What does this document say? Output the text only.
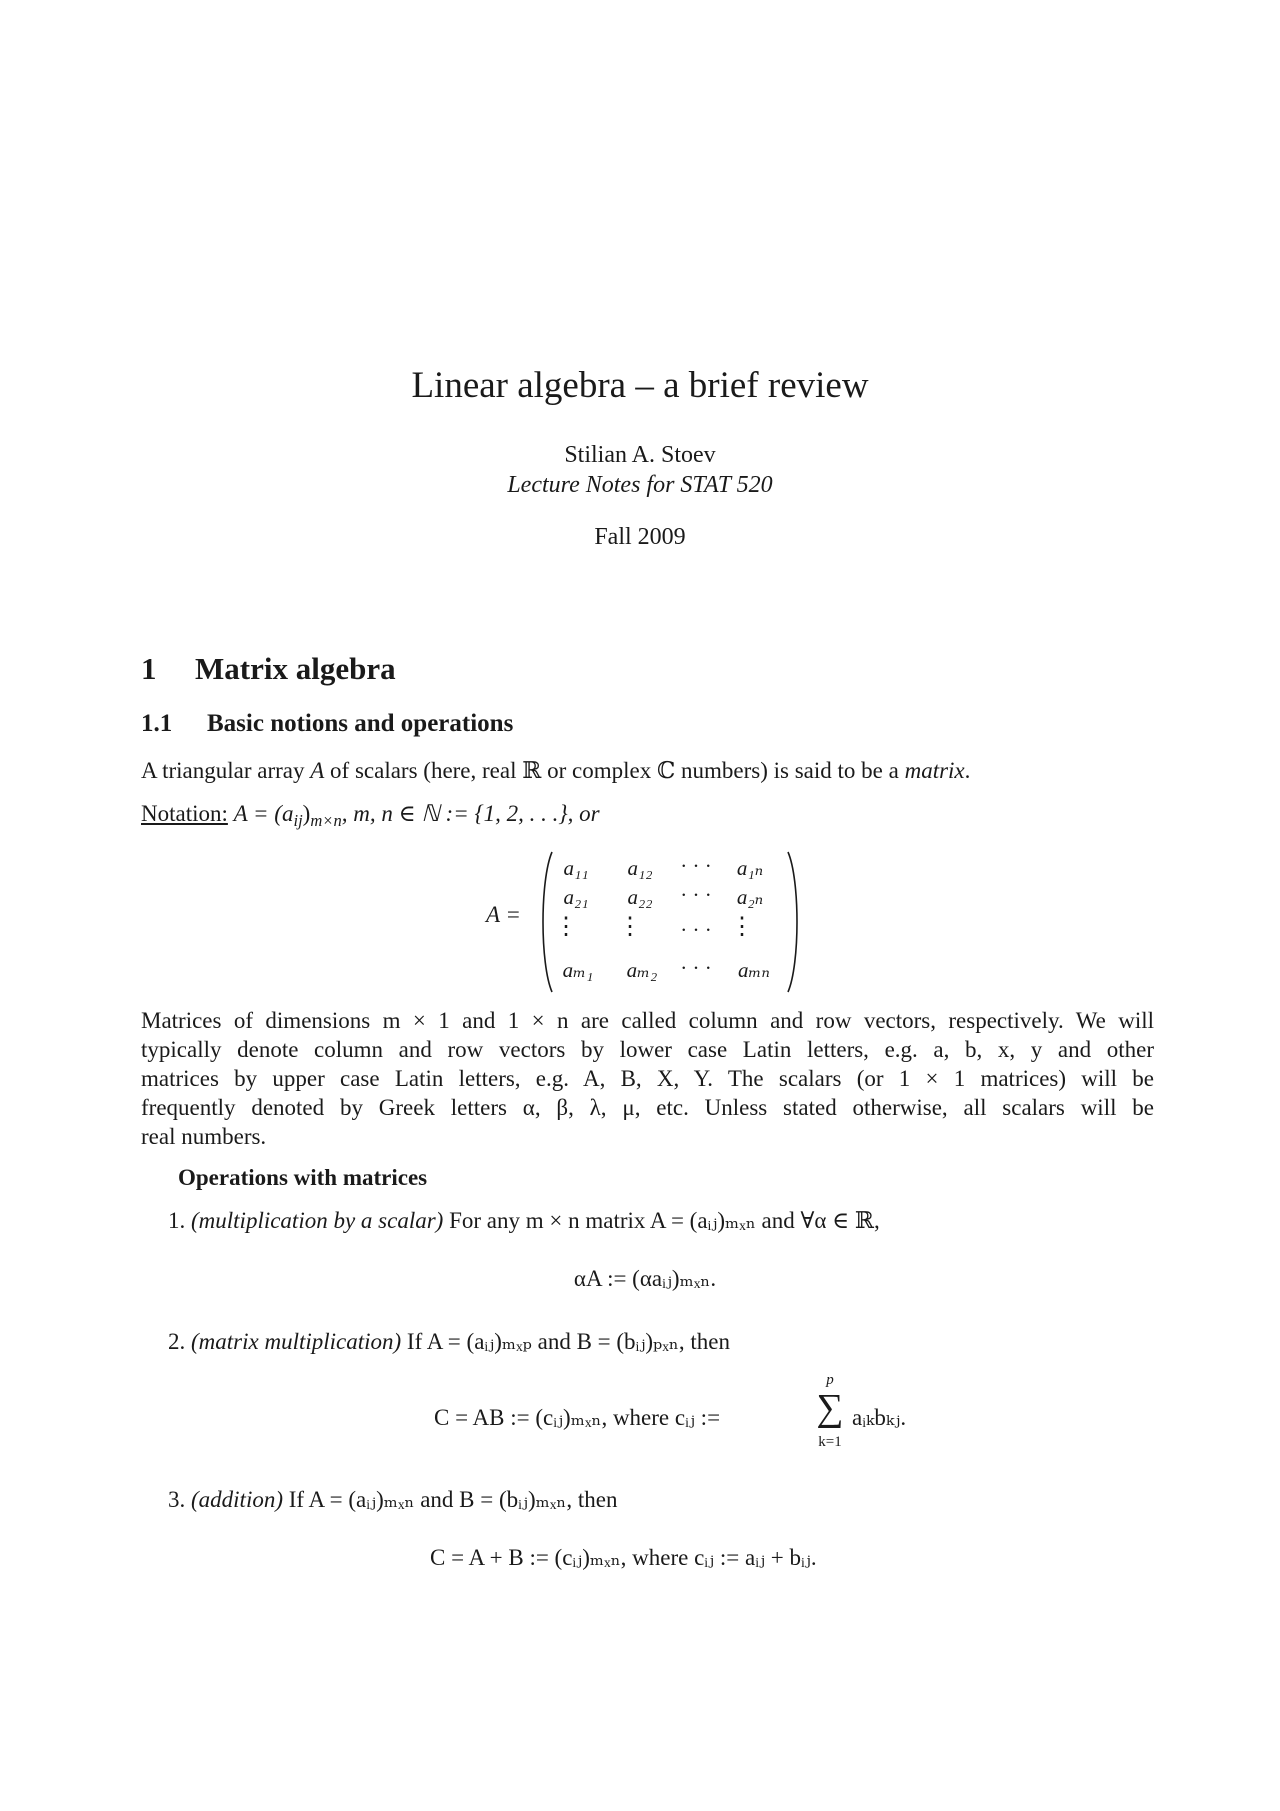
Linear algebra – a brief review
Stilian A. Stoev
Lecture Notes for STAT 520
Fall 2009
1 Matrix algebra
1.1 Basic notions and operations
A triangular array A of scalars (here, real ℝ or complex ℂ numbers) is said to be a matrix.
Notation: $A = (a_{ij})_{m\times n}$, m, n ∈ ℕ := {1, 2, . . .}, or
A =
a₁₁	a₁₂	· · ·	a₁ₙ
a₂₁	a₂₂	· · ·	a₂ₙ
⋮	⋮	· · · ⋮
aₘ₁	aₘ₂	· · ·	aₘₙ
Matrices of dimensions m × 1 and 1 × n are called column and row vectors, respectively. We will
typically denote column and row vectors by lower case Latin letters, e.g. a, b, x, y and other
matrices by upper case Latin letters, e.g. A, B, X, Y. The scalars (or 1 × 1 matrices) will be
frequently denoted by Greek letters α, β, λ, μ, etc. Unless stated otherwise, all scalars will be
real numbers.
Operations with matrices
1. (multiplication by a scalar) For any m × n matrix A = (aᵢⱼ)ₘₓₙ and ∀α ∈ ℝ,
αA := (αaᵢⱼ)ₘₓₙ.
2. (matrix multiplication) If A = (aᵢⱼ)ₘₓₚ and B = (bᵢⱼ)ₚₓₙ, then
C = AB := (cᵢⱼ)ₘₓₙ, where cᵢⱼ :=
p
∑
k=1
aᵢₖbₖⱼ.
3. (addition) If A = (aᵢⱼ)ₘₓₙ and B = (bᵢⱼ)ₘₓₙ, then
C = A + B := (cᵢⱼ)ₘₓₙ, where cᵢⱼ := aᵢⱼ + bᵢⱼ.
